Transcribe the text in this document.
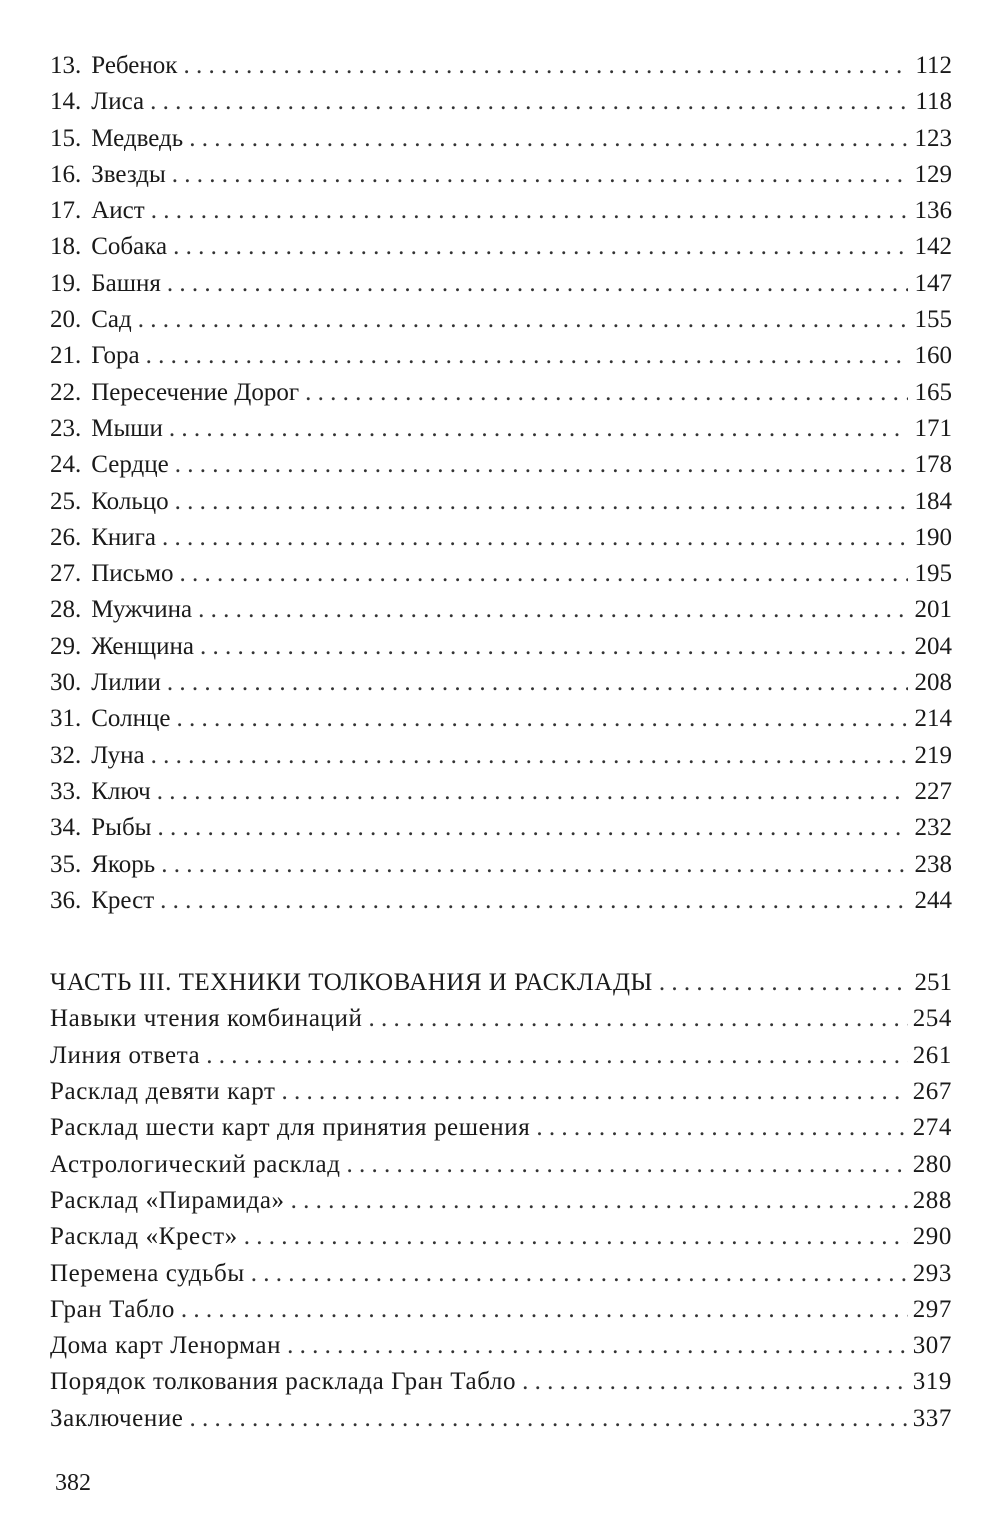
13. Ребенок . . .	112
14. Лиса . . .	118
15. Медведь . . .	123
16. Звезды . . .	129
17. Аист . . .	136
18. Собака . . .	142
19. Башня . . .	147
20. Сад . . .	155
21. Гора . . .	160
22. Пересечение Дорог . . .	165
23. Мыши . . .	171
24. Сердце . . .	178
25. Кольцо . . .	184
26. Книга . . .	190
27. Письмо . . .	195
28. Мужчина . . .	201
29. Женщина . . .	204
30. Лилии . . .	208
31. Солнце . . .	214
32. Луна . . .	219
33. Ключ . . .	227
34. Рыбы . . .	232
35. Якорь . . .	238
36. Крест . . .	244
ЧАСТЬ III. ТЕХНИКИ ТОЛКОВАНИЯ И РАСКЛАДЫ . . .	251
Навыки чтения комбинаций . . .	254
Линия ответа . . .	261
Расклад девяти карт . . .	267
Расклад шести карт для принятия решения . . .	274
Астрологический расклад . . .	280
Расклад «Пирамида» . . .	288
Расклад «Крест» . . .	290
Перемена судьбы . . .	293
Гран Табло . . .	297
Дома карт Ленорман . . .	307
Порядок толкования расклада Гран Табло . . .	319
Заключение . . .	337
382
